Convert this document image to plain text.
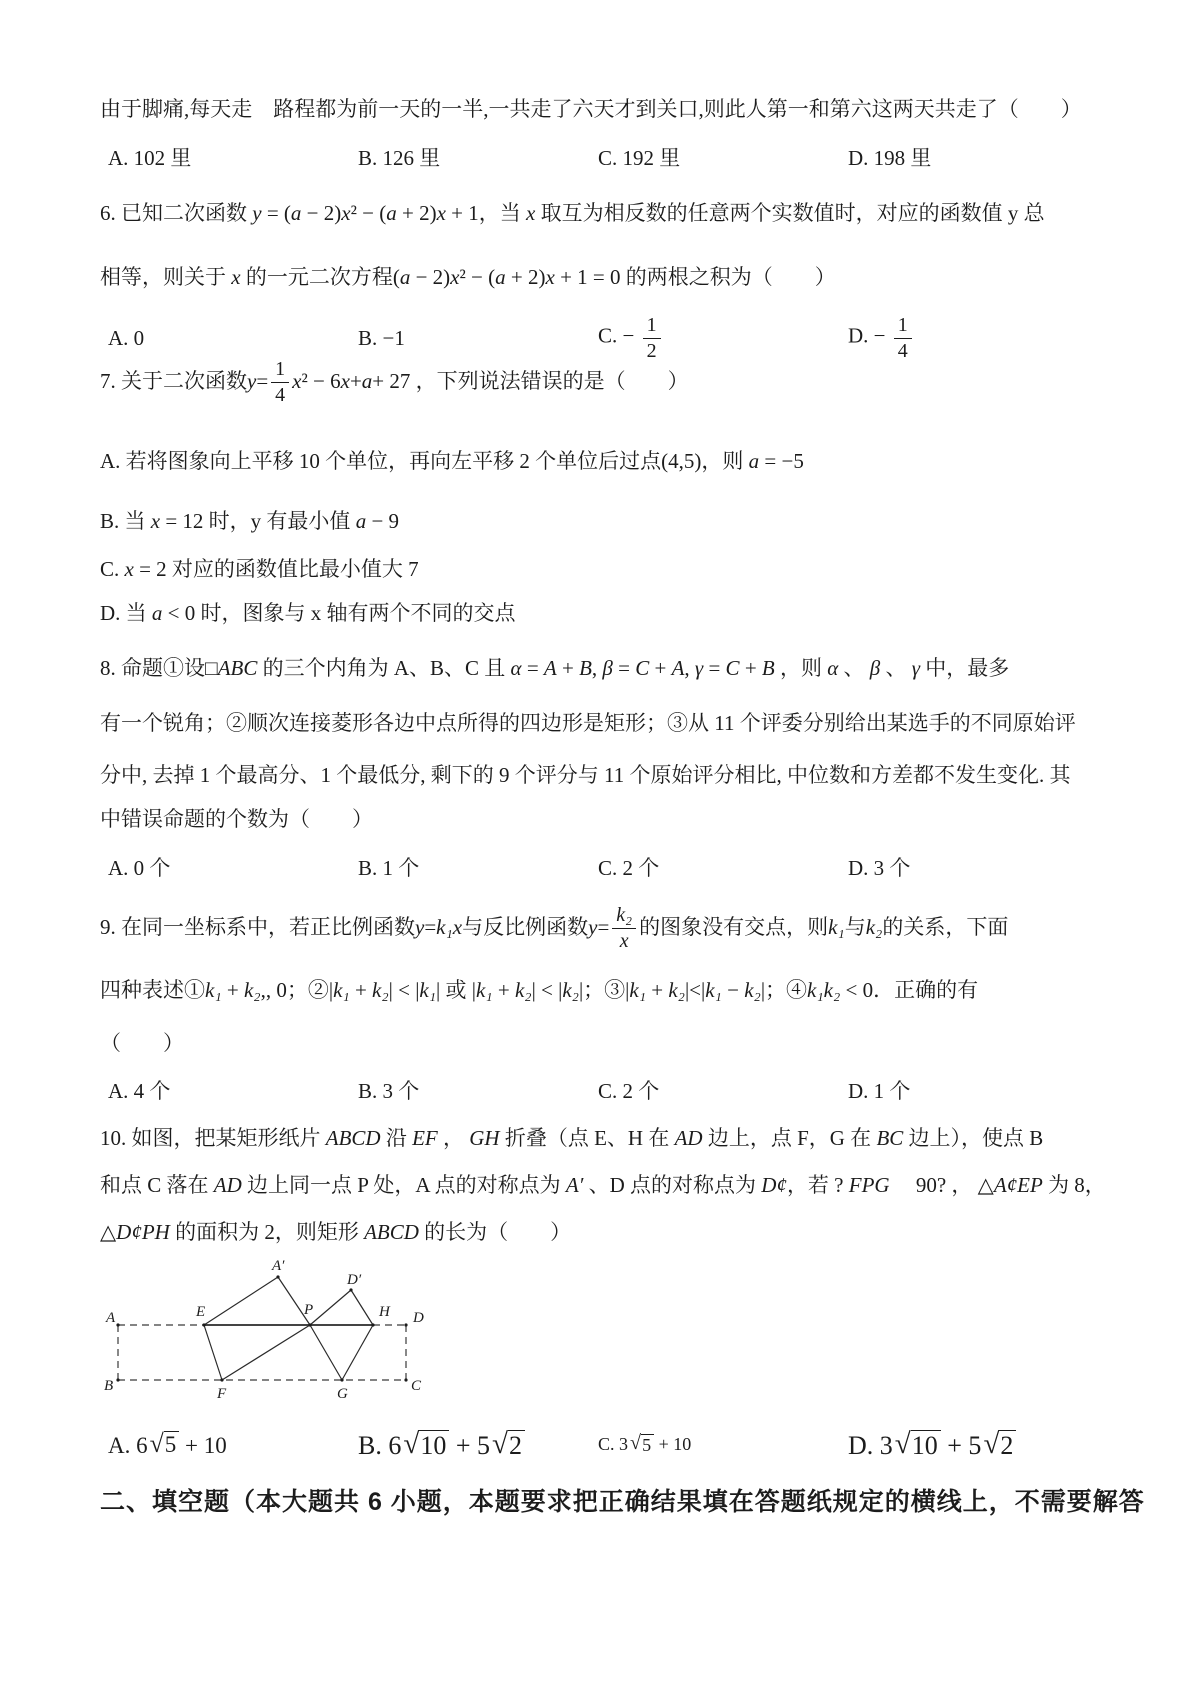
由于脚痛,每天走　路程都为前一天的一半,一共走了六天才到关口,则此人第一和第六这两天共走了（　　）
A. 102 里	B. 126 里	C. 192 里	D. 198 里
6. 已知二次函数 y = (a − 2)x² − (a + 2)x + 1，当 x 取互为相反数的任意两个实数值时，对应的函数值 y 总
相等，则关于 x 的一元二次方程(a − 2)x² − (a + 2)x + 1 = 0 的两根之积为（　　）
A. 0	B. −1	C. − $\frac{1}{2}$	D. − $\frac{1}{4}$
7. 关于二次函数 $y = \frac{1}{4}$ x ² − 6 x + a + 27 ，下列说法错误的是（　　）
A. 若将图象向上平移 10 个单位，再向左平移 2 个单位后过点(4,5)，则 a = −5
B. 当 x = 12 时，y 有最小值 a − 9
C. x = 2 对应的函数值比最小值大 7
D. 当 a < 0 时，图象与 x 轴有两个不同的交点
8. 命题①设□ABC 的三个内角为 A、B、C 且 α = A + B, β = C + A, γ = C + B ，则 α 、 β 、 γ 中，最多
有一个锐角；②顺次连接菱形各边中点所得的四边形是矩形；③从 11 个评委分别给出某选手的不同原始评
分中, 去掉 1 个最高分、1 个最低分, 剩下的 9 个评分与 11 个原始评分相比, 中位数和方差都不发生变化. 其
中错误命题的个数为（　　）
A. 0 个	B. 1 个	C. 2 个	D. 3 个
9. 在同一坐标系中，若正比例函数 y = k₁x 与反比例函数 $y = \frac{\text{k₂}}{x}$ 的图象没有交点，则 k₁ 与 k₂ 的关系，下面
四种表述①k₁ + k₂,, 0；②|k₁ + k₂| < |k₁| 或 |k₁ + k₂| < |k₂|；③|k₁ + k₂|<|k₁ − k₂|；④k₁k₂ < 0．正确的有
（　　）
A. 4 个	B. 3 个	C. 2 个	D. 1 个
10. 如图，把某矩形纸片 ABCD 沿 EF ， GH 折叠（点 E、H 在 AD 边上，点 F，G 在 BC 边上），使点 B
和点 C 落在 AD 边上同一点 P 处，A 点的对称点为 A′ 、D 点的对称点为 D¢，若 ? FPG　 90? ， △A¢EP 为 8，
△D¢PH 的面积为 2，则矩形 ABCD 的长为（　　）
A′
D′
A	E	P	H D
B	F	G	C
A. 6 √ 5 + 10	B. 6 √ 10 + 5 √ 2	C. 3 √ 5 + 10	D. 3 √ 10 + 5 √ 2
二、填空题（本大题共 6 小题，本题要求把正确结果填在答题纸规定的横线上，不需要解答
